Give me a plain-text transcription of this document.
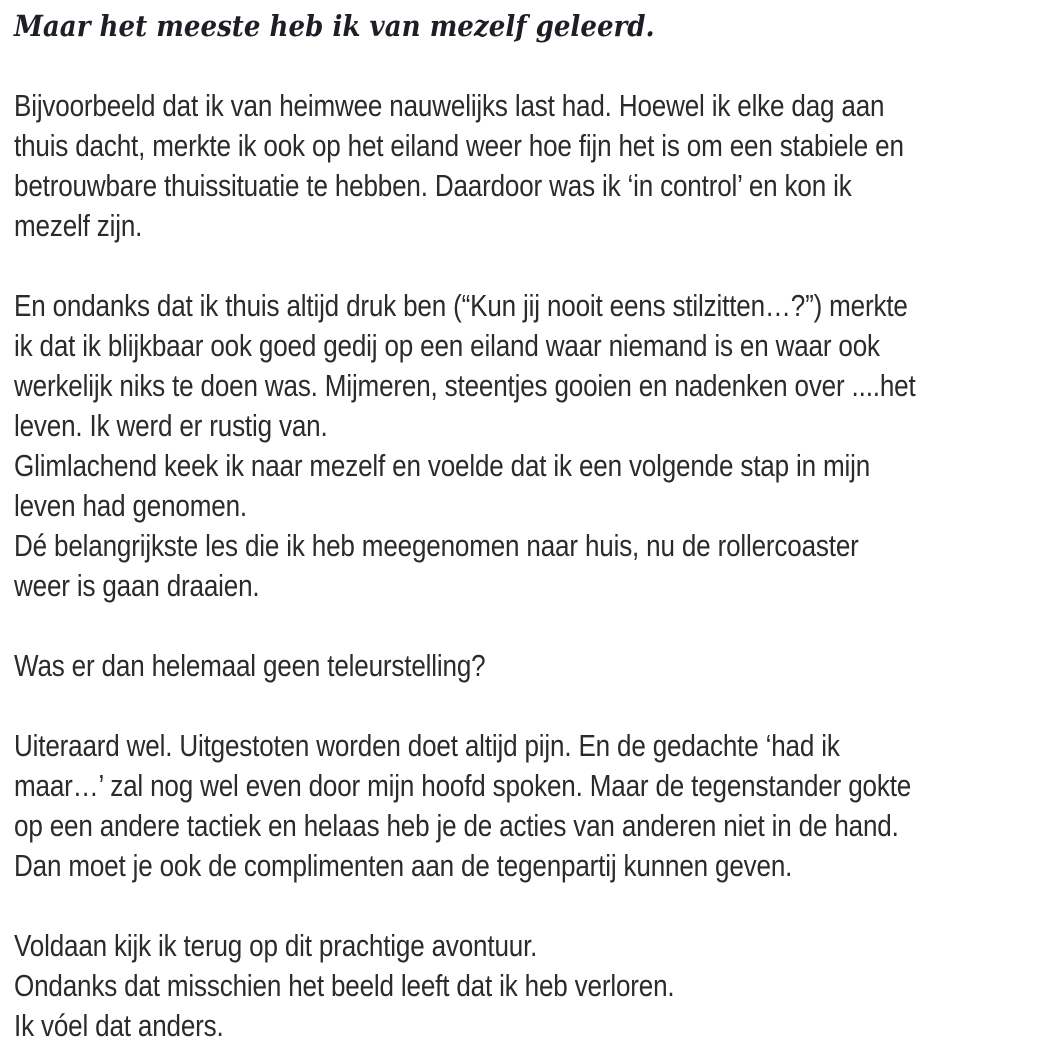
Maar het meeste heb ik van mezelf geleerd.
Bijvoorbeeld dat ik van heimwee nauwelijks last had. Hoewel ik elke dag aan
thuis dacht, merkte ik ook op het eiland weer hoe fijn het is om een stabiele en
betrouwbare thuissituatie te hebben. Daardoor was ik ‘in control’ en kon ik
mezelf zijn.
En ondanks dat ik thuis altijd druk ben (“Kun jij nooit eens stilzitten…?”) merkte
ik dat ik blijkbaar ook goed gedij op een eiland waar niemand is en waar ook
werkelijk niks te doen was. Mijmeren, steentjes gooien en nadenken over ....het
leven. Ik werd er rustig van.
Glimlachend keek ik naar mezelf en voelde dat ik een volgende stap in mijn
leven had genomen.
Dé belangrijkste les die ik heb meegenomen naar huis, nu de rollercoaster
weer is gaan draaien.
Was er dan helemaal geen teleurstelling?
Uiteraard wel. Uitgestoten worden doet altijd pijn. En de gedachte ‘had ik
maar…’ zal nog wel even door mijn hoofd spoken. Maar de tegenstander gokte
op een andere tactiek en helaas heb je de acties van anderen niet in de hand.
Dan moet je ook de complimenten aan de tegenpartij kunnen geven.
Voldaan kijk ik terug op dit prachtige avontuur.
Ondanks dat misschien het beeld leeft dat ik heb verloren.
Ik vóel dat anders.
